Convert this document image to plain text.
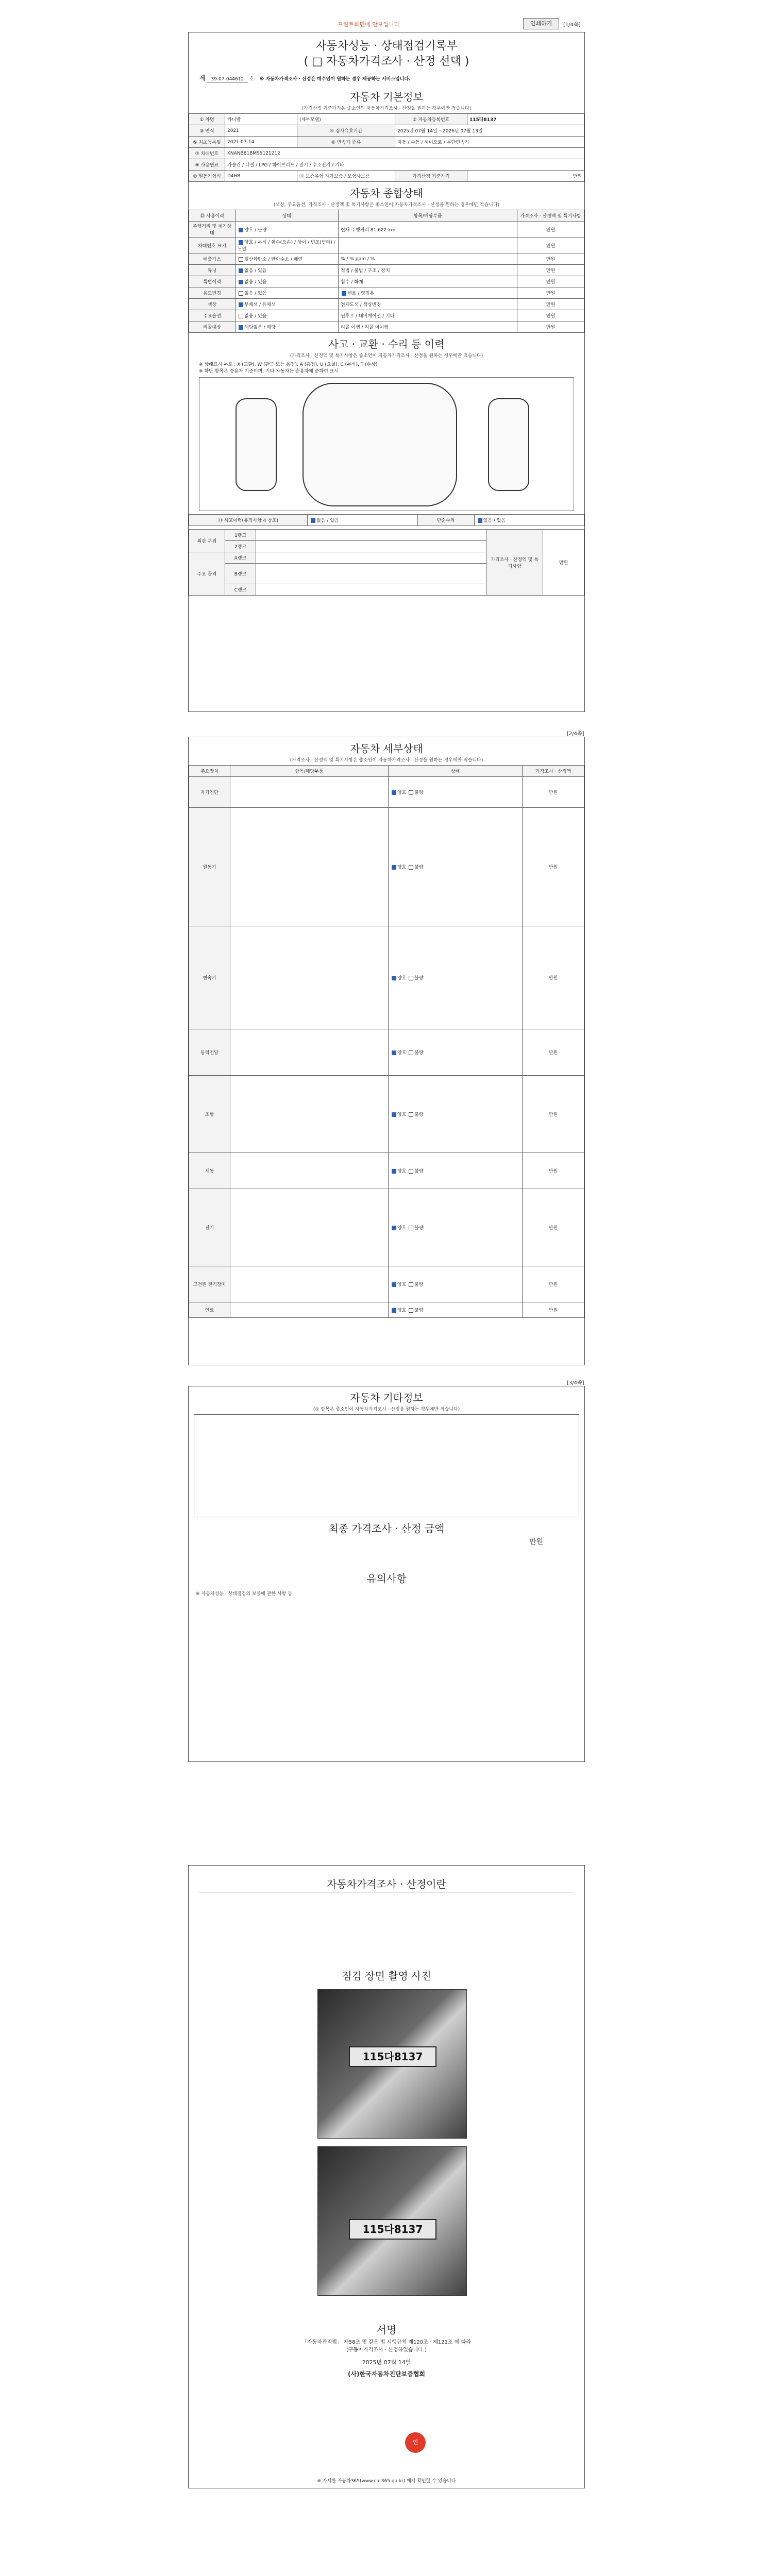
프린트화면에 안보입니다	인쇄하기	[1/4쪽]
자동차성능 · 상태점검기록부
( □ 자동차가격조사 · 산정 선택 )
제 39-07-044612 호 ※ 자동차가격조사 · 산정은 매수인이 원하는 경우 제공하는 서비스입니다.
자동차 기본정보
(가격산정 기준가격은 좋소인의 자동차가격조사 · 산정을 원하는 경우에만 적습니다)
① 차명	카니발	(세부모델)	② 자동차등록번호	115다8137
③ 연식	2021	④ 검사유효기간	2025년 07월 14일 ~2026년 07월 13일	
⑤ 최초등록일	2021-07-14	⑥ 변속기 종류	자동 / 수동 / 세미오토 / 무단변속기	
⑦ 차대번호	KNANB81BMS5121212			
⑨ 사용연료	가솔린 / 디젤 / LPG / 하이브리드 / 전기 / 수소전기 / 기타			
⑩ 원동기형식	D4HB	⑪ 보증유형 자가보증 / 보험사보증	가격산정 기준가격	만원
자동차 종합상태
(색상, 주요옵션, 가격조사 · 산정액 및 특기사항은 좋소인이 자동차가격조사 · 산정을 원하는 경우에만 적습니다)
⑫ 사용이력	상태	항목/해당부품	가격조사 · 산정액 및 특기사항
주행거리 및 계기상태	양호 / 불량	현재 주행거리 81,622 km	만원
차대번호 표기	양호 / 부식 / 훼손(오손) / 상이 / 변조(변타) / 도말		만원
배출가스	일산화탄소 / 탄화수소 / 매연	% / % ppm / %	만원
튜닝	없음 / 있음	적법 / 불법 / 구조 / 장치	만원
특별이력	없음 / 있음	침수 / 화재	만원
용도변경	없음 / 있음	렌트 / 영업용	만원
색상	무채색 / 유채색	전체도색 / 색상변경	만원
주요옵션	없음 / 있음	썬루프 / 네비게이션 / 기타	만원
리콜대상	해당없음 / 해당	리콜 이행 / 리콜 미이행	만원
사고 · 교환 · 수리 등 이력
(가격조사 · 산정액 및 특기사항은 좋소인이 자동차가격조사 · 산정을 원하는 경우에만 적습니다)
※ 상태표시 부호 : X (교환), W (판금 또는 용접), A (흠집), U (요철), C (부식), T (손상)
※ 하단 항목은 승용차 기준이며, 기타 자동차는 승용차에 준하여 표시
⑬ 사고이력(유의사항 4 참조)	없음 / 있음	단순수리	없음 / 있음
외판 부위	1랭크		가격조사 · 산정액 및 특기사항	만원
	2랭크			
주요 골격	A랭크			
	B랭크			
	C랭크			
[2/4쪽]
자동차 세부상태
(가격조사 · 산정액 및 특기사항은 좋소인이 자동차가격조사 · 산정을 원하는 경우에만 적습니다)
주요장치	항목/해당부품	상태	가격조사 · 산정액
자기진단		양호 불량	만원
원동기		양호 불량	만원
변속기		양호 불량	만원
동력전달		양호 불량	만원
조향		양호 불량	만원
제동		양호 불량	만원
전기		양호 불량	만원
고전원 전기장치		양호 불량	만원
연료		양호 불량	만원
[3/4쪽]
자동차 기타정보
(① 항목은 좋소인이 자동차가격조사 · 산정을 원하는 경우에만 적습니다)
최종 가격조사 · 산정 금액
만원
유의사항
※ 자동차성능 · 상태점검의 보증에 관한 사항 등
자동차가격조사 · 산정이란
점검 장면 촬영 사진
115다8137
115다8137
서명
「자동차관리법」 제58조 및 같은 법 시행규칙 제120조 · 제121조 에 따라
(구동자가격조사 · 산정하였습니다.)
2025년 07월 14일
(사)한국자동차진단보증협회
인
※ 자세한 자동차365(www.car365.go.kr) 에서 확인할 수 있습니다
